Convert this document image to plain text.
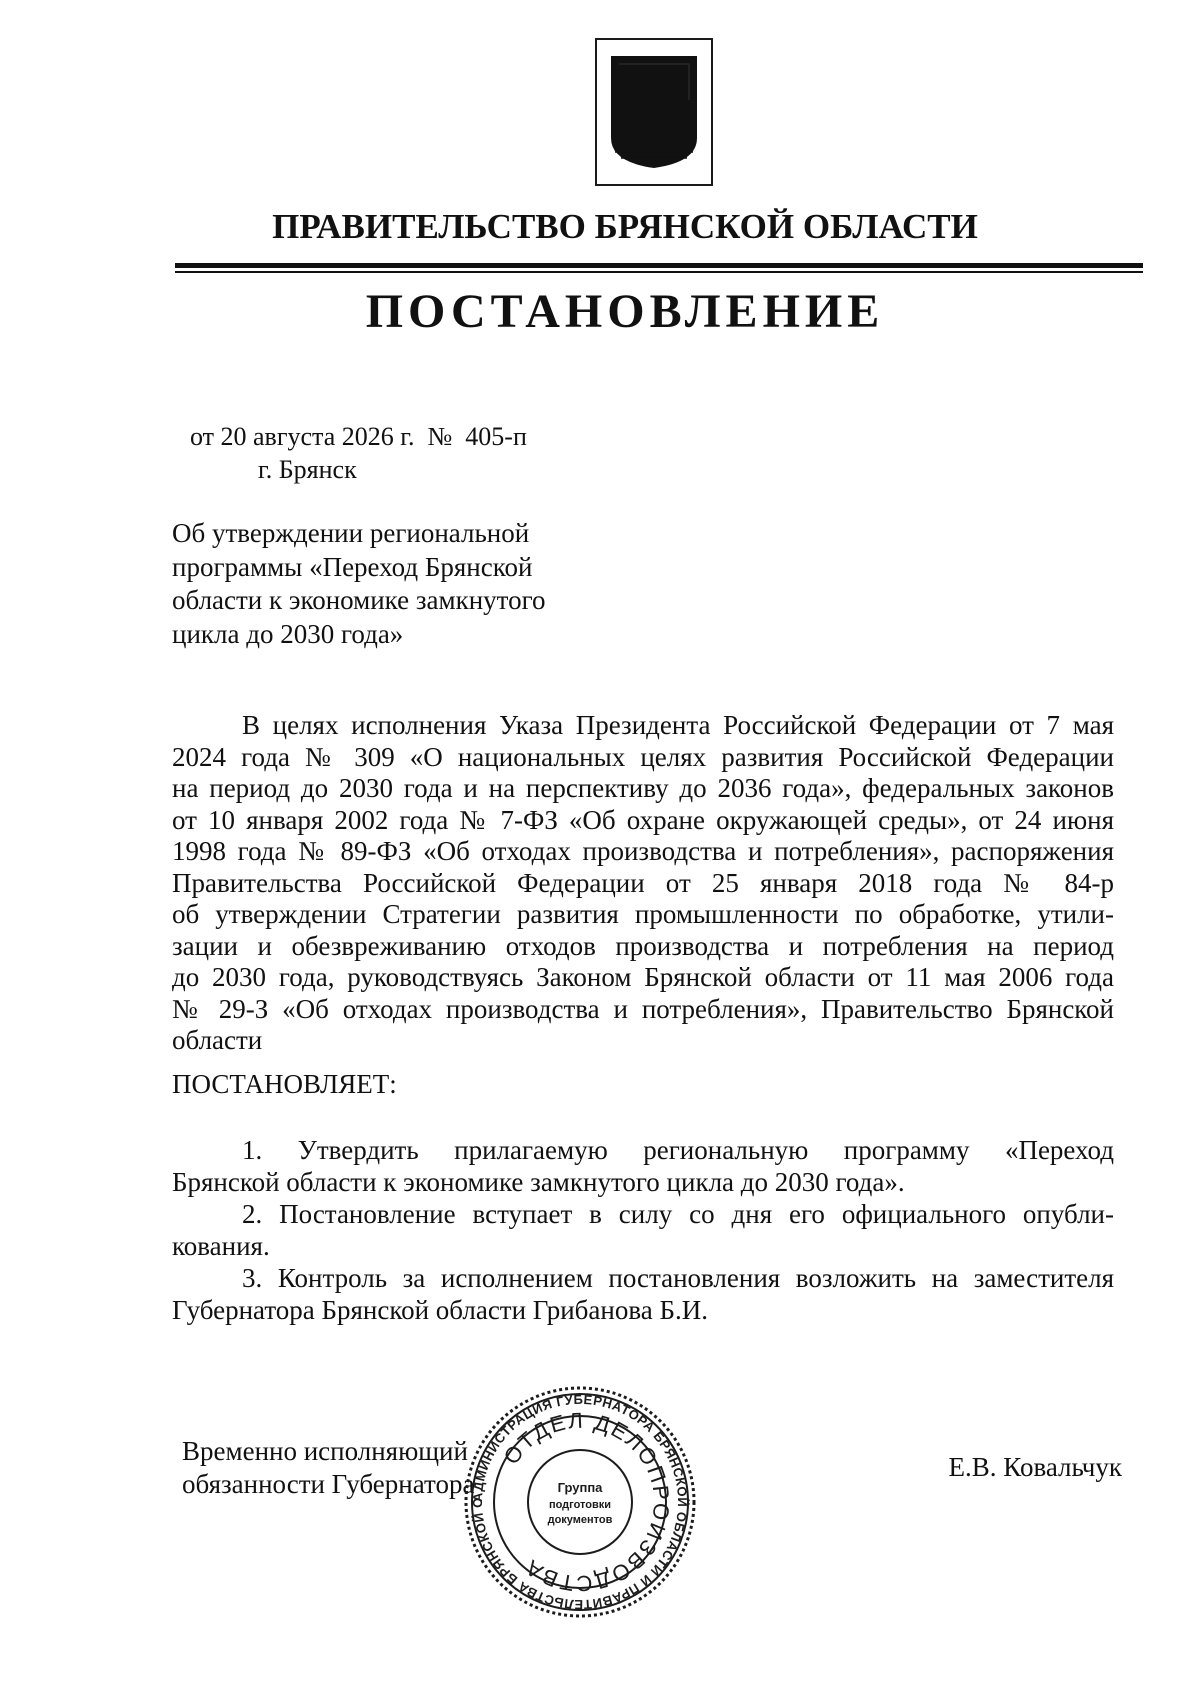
ПРАВИТЕЛЬСТВО БРЯНСКОЙ ОБЛАСТИ
ПОСТАНОВЛЕНИЕ
от 20 августа 2026 г.  №  405-п
г. Брянск
Об утверждении региональной
программы «Переход Брянской
области к экономике замкнутого
цикла до 2030 года»
В целях исполнения Указа Президента Российской Федерации от 7 мая
2024 года № 309 «О национальных целях развития Российской Федерации
на период до 2030 года и на перспективу до 2036 года», федеральных законов
от 10 января 2002 года № 7-ФЗ «Об охране окружающей среды», от 24 июня
1998 года № 89-ФЗ «Об отходах производства и потребления», распоряжения
Правительства Российской Федерации от 25 января 2018 года № 84-р
об утверждении Стратегии развития промышленности по обработке, утили-
зации и обезвреживанию отходов производства и потребления на период
до 2030 года, руководствуясь Законом Брянской области от 11 мая 2006 года
№ 29-З «Об отходах производства и потребления», Правительство Брянской
области
ПОСТАНОВЛЯЕТ:
1. Утвердить прилагаемую региональную программу «Переход
Брянской области к экономике замкнутого цикла до 2030 года».
2. Постановление вступает в силу со дня его официального опубли-
кования.
3. Контроль за исполнением постановления возложить на заместителя
Губернатора Брянской области Грибанова Б.И.
Временно исполняющий
обязанности Губернатора
Е.В. Ковальчук
АДМИНИСТРАЦИЯ ГУБЕРНАТОРА БРЯНСКОЙ ОБЛАСТИ И ПРАВИТЕЛЬСТВА БРЯНСКОЙ О
ОТДЕЛ ДЕЛОПРОИЗВОДСТВА
Группа
подготовки
документов
